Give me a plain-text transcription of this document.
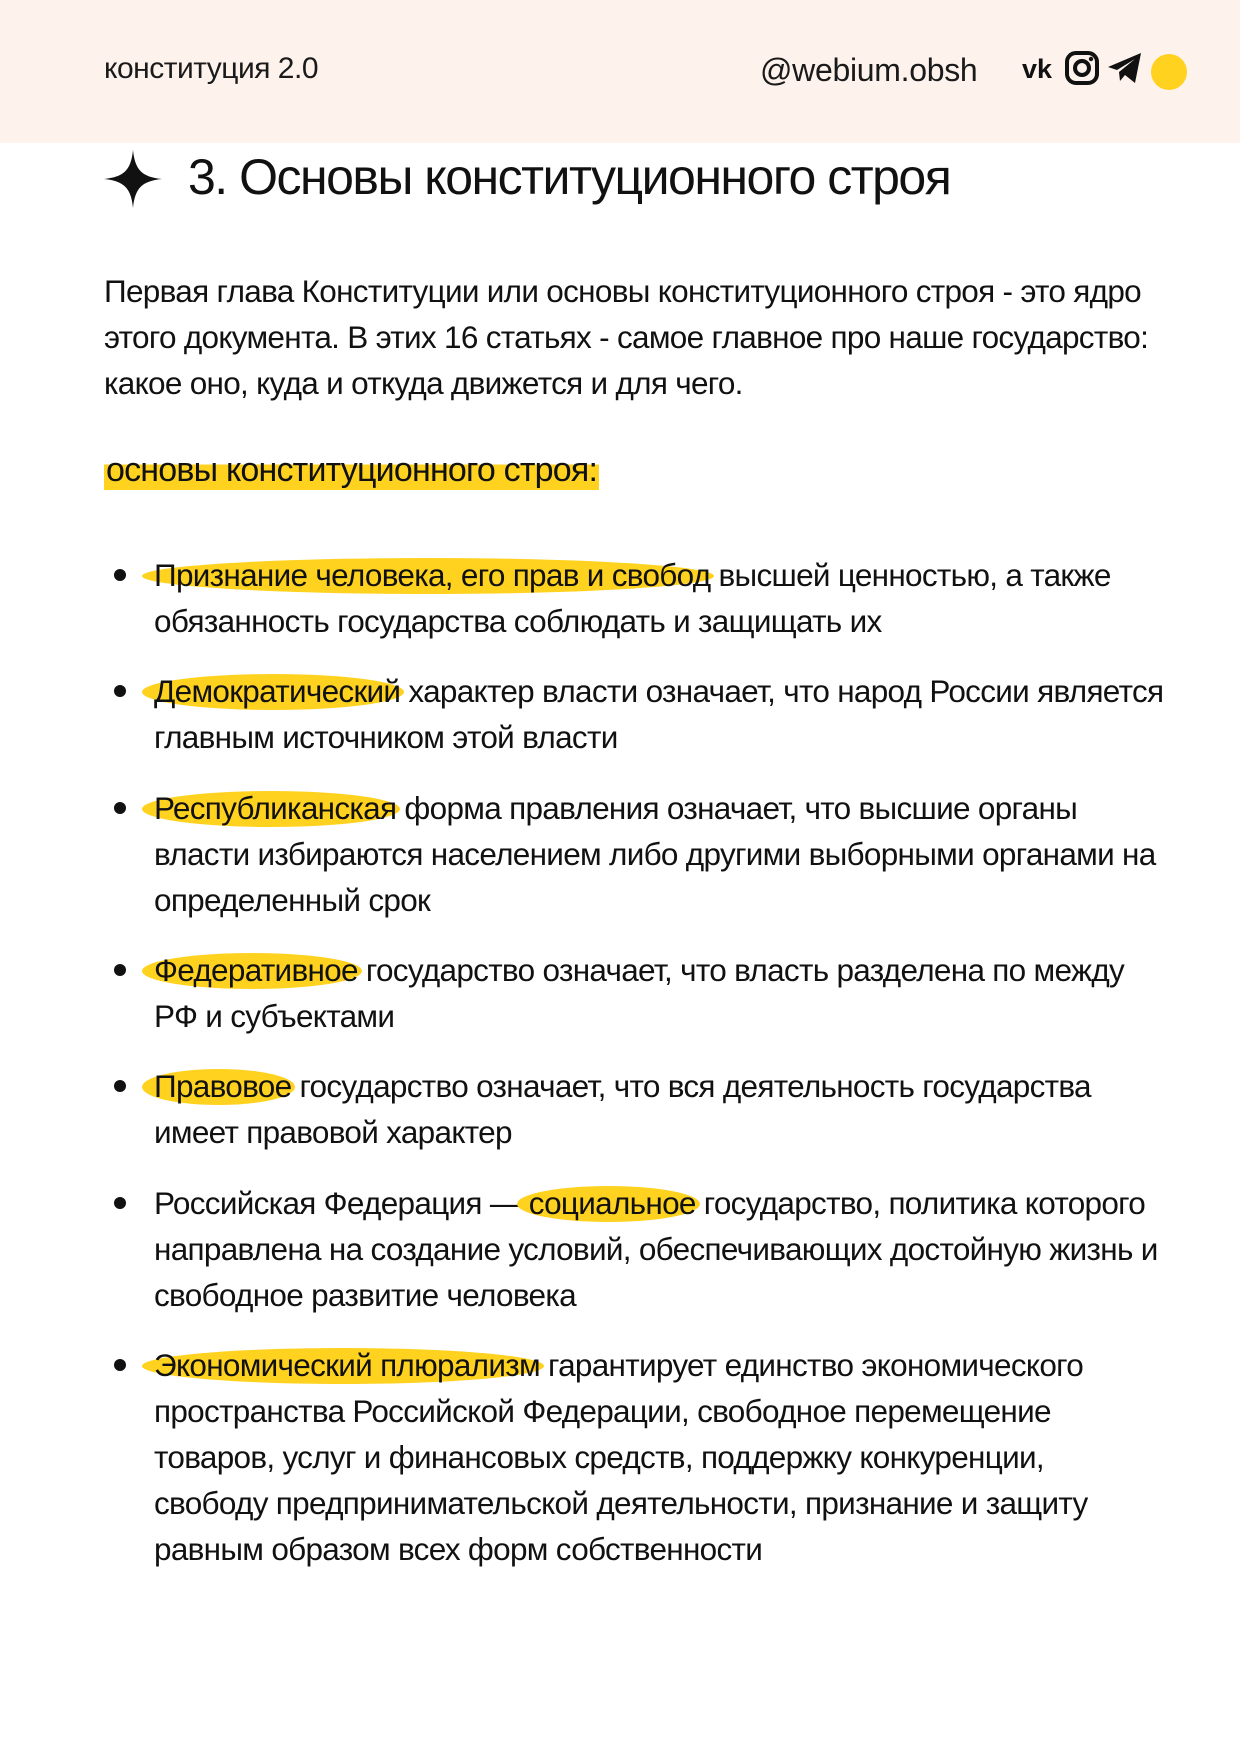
конституция 2.0	@webium.obsh vk
3. Основы конституционного строя

Первая глава Конституции или основы конституционного строя - это ядро этого документа. В этих 16 статьях - самое главное про наше государство: какое оно, куда и откуда движется и для чего.

основы конституционного строя:
Признание человека, его прав и свобод высшей ценностью, а также обязанность государства соблюдать и защищать их
Демократический характер власти означает, что народ России является главным источником этой власти
Республиканская форма правления означает, что высшие органы власти избираются населением либо другими выборными органами на определенный срок
Федеративное государство означает, что власть разделена по между РФ и субъектами
Правовое государство означает, что вся деятельность государства имеет правовой характер
Российская Федерация — социальное государство, политика которого направлена на создание условий, обеспечивающих достойную жизнь и свободное развитие человека
Экономический плюрализм гарантирует единство экономического пространства Российской Федерации, свободное перемещение товаров, услуг и финансовых средств, поддержку конкуренции, свободу предпринимательской деятельности, признание и защиту равным образом всех форм собственности
